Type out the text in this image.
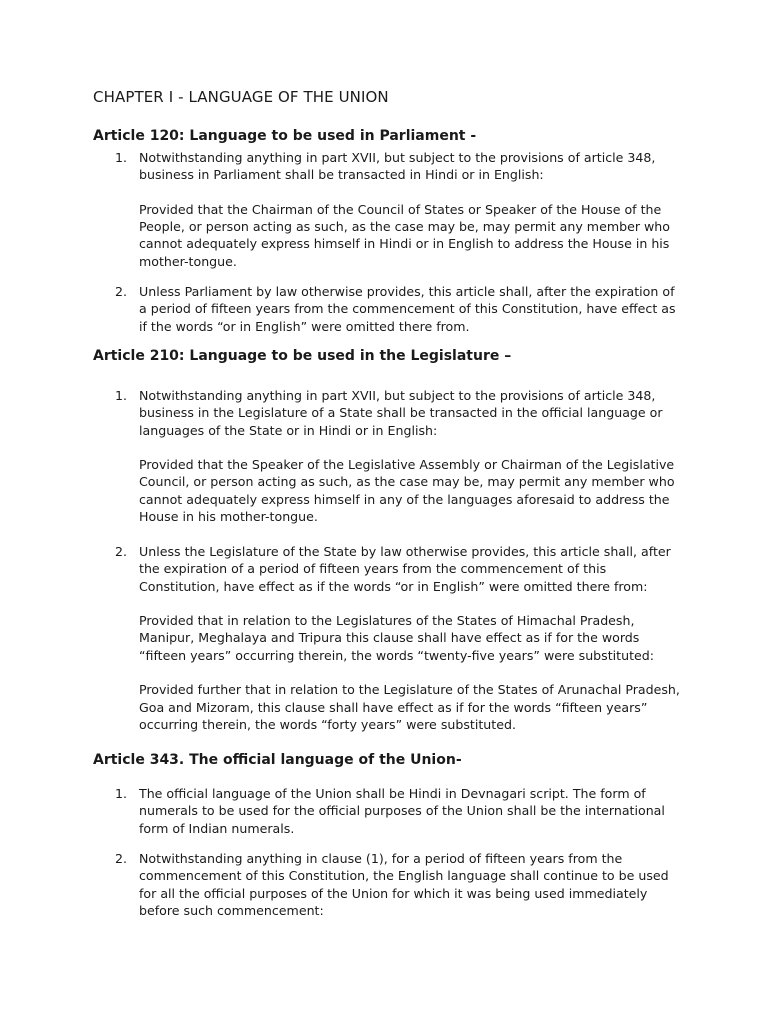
CHAPTER I - LANGUAGE OF THE UNION
Article 120: Language to be used in Parliament -
1. Notwithstanding anything in part XVII, but subject to the provisions of article 348, business in Parliament shall be transacted in Hindi or in English:

Provided that the Chairman of the Council of States or Speaker of the House of the People, or person acting as such, as the case may be, may permit any member who cannot adequately express himself in Hindi or in English to address the House in his mother-tongue.

2. Unless Parliament by law otherwise provides, this article shall, after the expiration of a period of fifteen years from the commencement of this Constitution, have effect as if the words “or in English” were omitted there from.

Article 210: Language to be used in the Legislature –
1. Notwithstanding anything in part XVII, but subject to the provisions of article 348, business in the Legislature of a State shall be transacted in the official language or languages of the State or in Hindi or in English:

Provided that the Speaker of the Legislative Assembly or Chairman of the Legislative Council, or person acting as such, as the case may be, may permit any member who cannot adequately express himself in any of the languages aforesaid to address the House in his mother-tongue.

2. Unless the Legislature of the State by law otherwise provides, this article shall, after the expiration of a period of fifteen years from the commencement of this Constitution, have effect as if the words “or in English” were omitted there from:

Provided that in relation to the Legislatures of the States of Himachal Pradesh, Manipur, Meghalaya and Tripura this clause shall have effect as if for the words “fifteen years” occurring therein, the words “twenty-five years” were substituted:

Provided further that in relation to the Legislature of the States of Arunachal Pradesh, Goa and Mizoram, this clause shall have effect as if for the words “fifteen years” occurring therein, the words “forty years” were substituted.

Article 343. The official language of the Union-
1. The official language of the Union shall be Hindi in Devnagari script. The form of numerals to be used for the official purposes of the Union shall be the international form of Indian numerals.

2. Notwithstanding anything in clause (1), for a period of fifteen years from the commencement of this Constitution, the English language shall continue to be used for all the official purposes of the Union for which it was being used immediately before such commencement:
